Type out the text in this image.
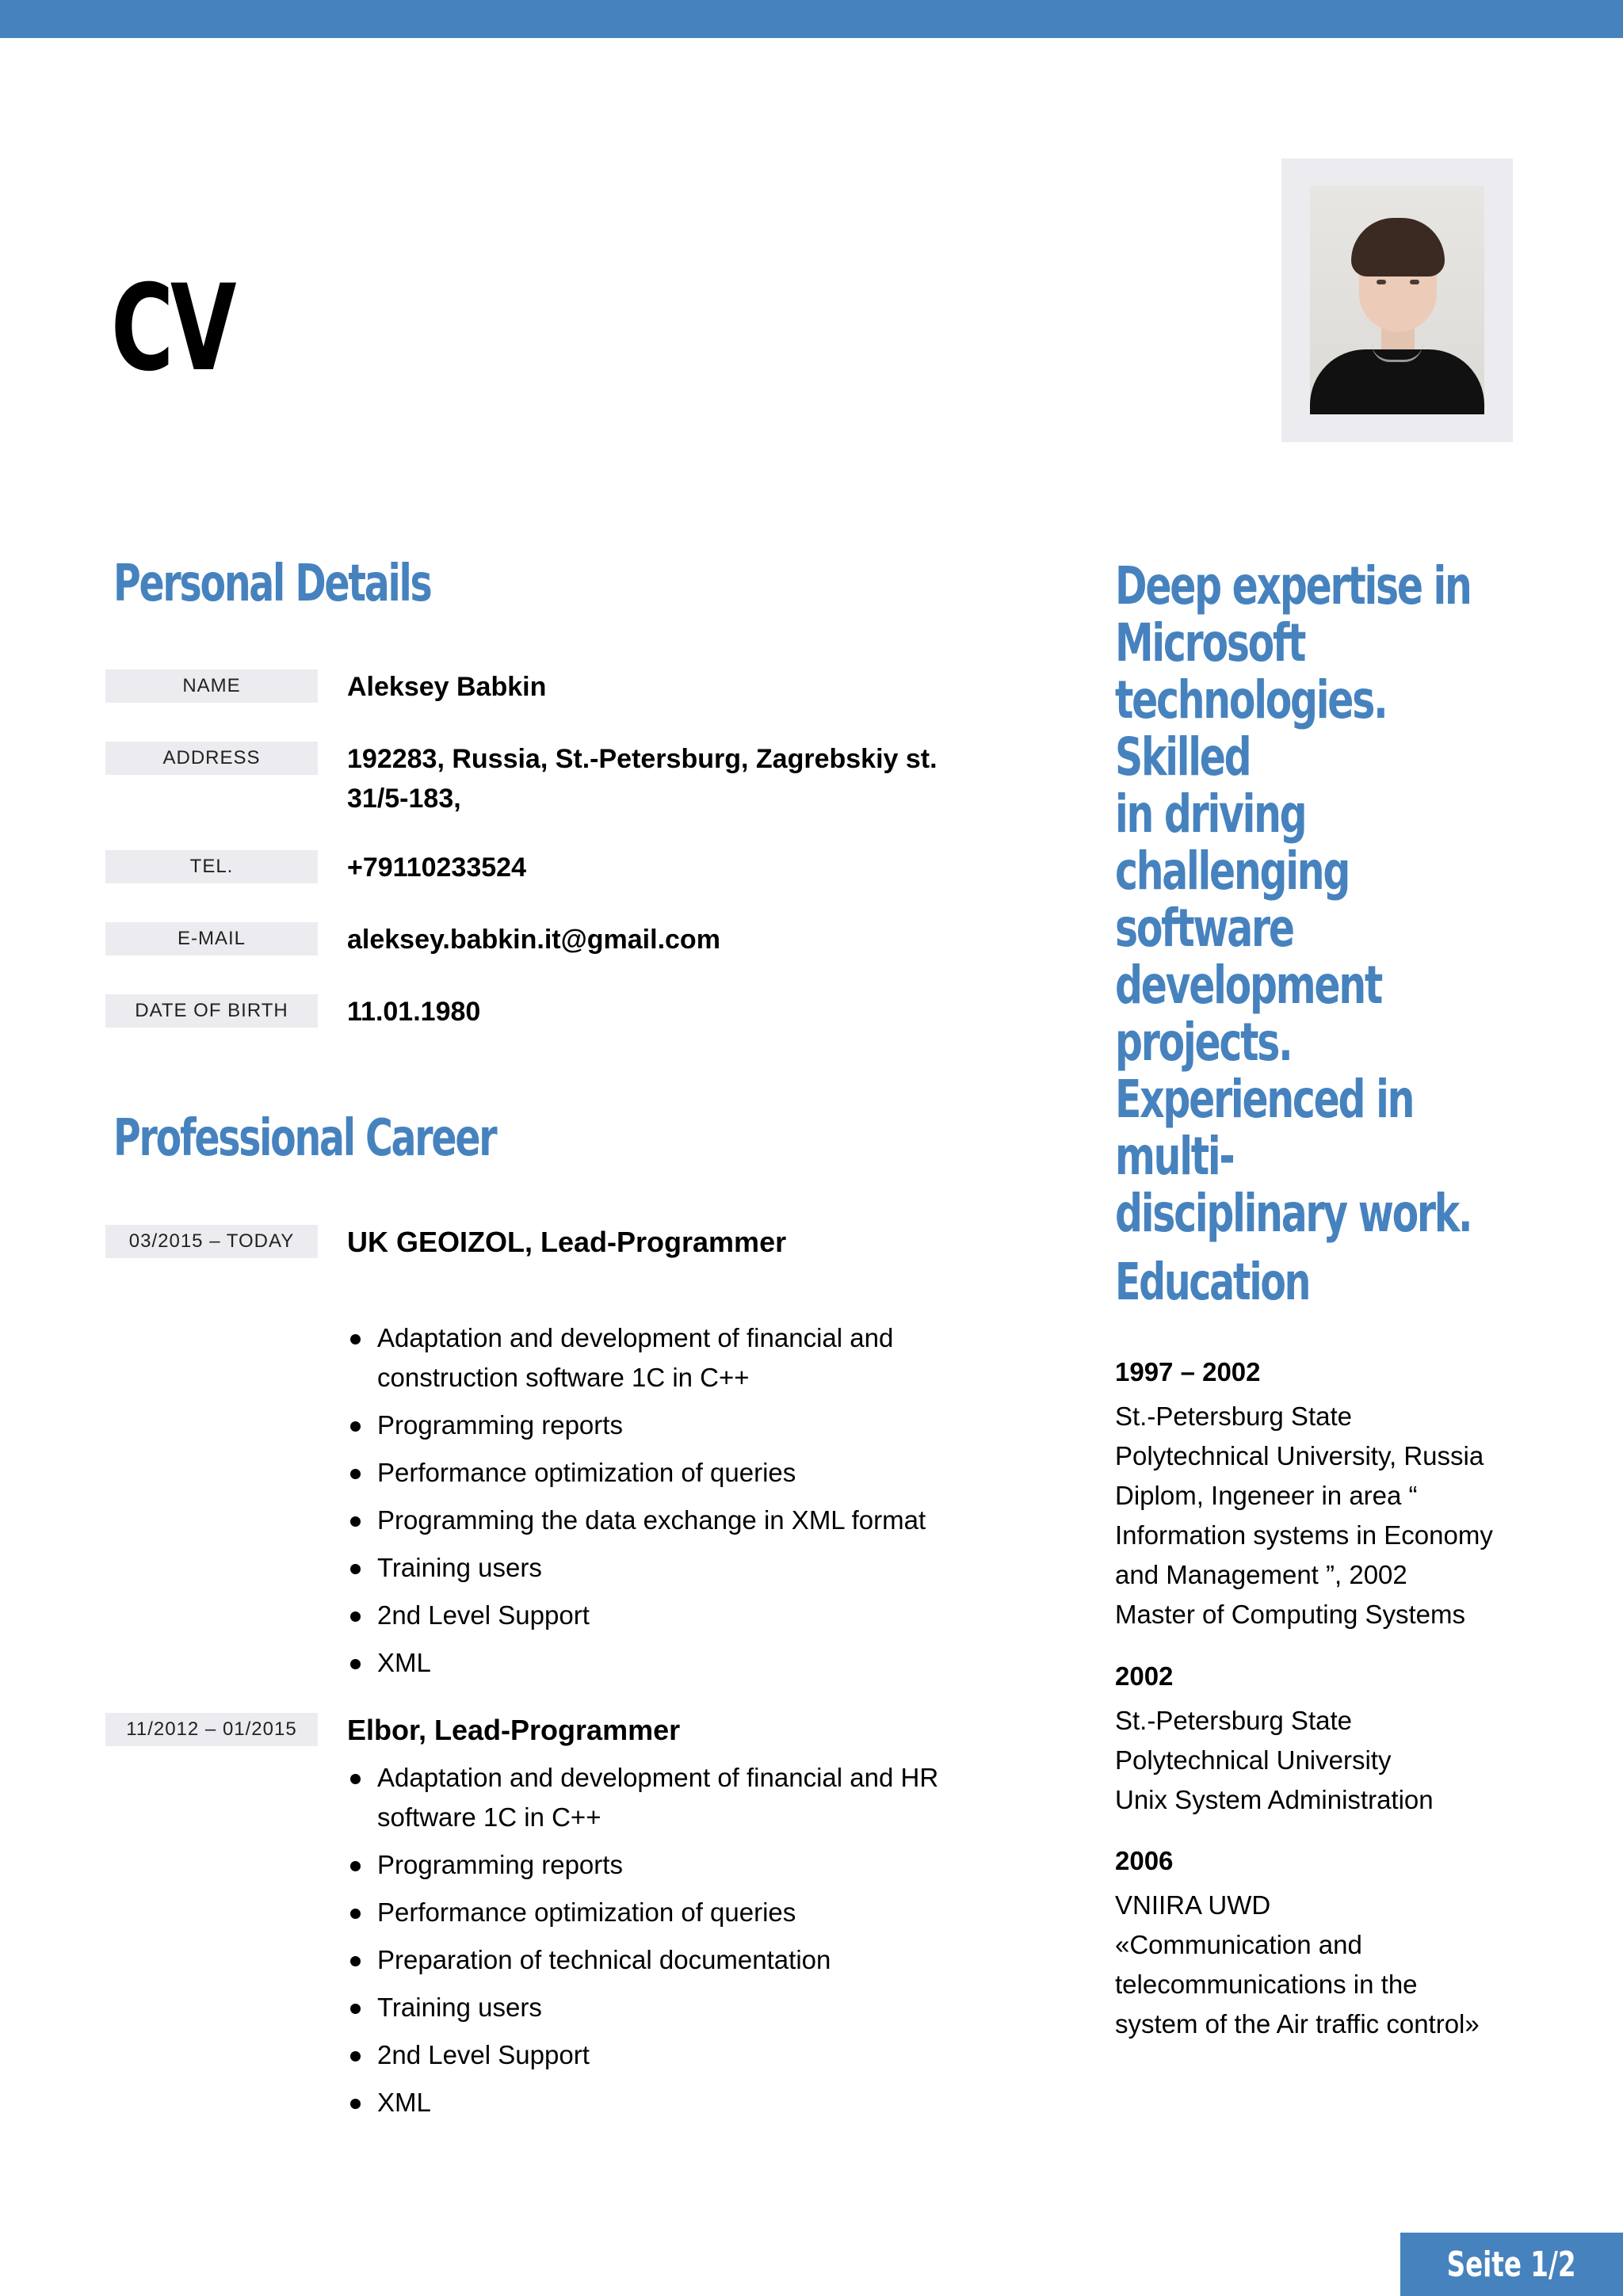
CV
Personal Details
NAME	Aleksey Babkin
ADDRESS	192283, Russia, St.-Petersburg, Zagrebskiy st.
31/5-183,
TEL.	+79110233524
E-MAIL	aleksey.babkin.it@gmail.com
DATE OF BIRTH	11.01.1980
Professional Career
03/2015 – TODAY	UK GEOIZOL, Lead-Programmer
Adaptation and development of financial and construction software 1C in C++
Programming reports
Performance optimization of queries
Programming the data exchange in XML format
Training users
2nd Level Support
XML
11/2012 – 01/2015	Elbor, Lead-Programmer
Adaptation and development of financial and HR software 1C in C++
Programming reports
Performance optimization of queries
Preparation of technical documentation
Training users
2nd Level Support
XML
Deep expertise in
Microsoft
technologies. Skilled
in driving challenging
software
development
projects.
Experienced in multi-
disciplinary work.
Education
1997 – 2002
St.-Petersburg State
Polytechnical University, Russia
Diplom, Ingeneer in area “
Information systems in Economy
and Management ”, 2002
Master of Computing Systems
2002
St.-Petersburg State
Polytechnical University
Unix System Administration
2006
VNIIRA UWD
«Communication and
telecommunications in the
system of the Air traffic control»
Seite 1/2
